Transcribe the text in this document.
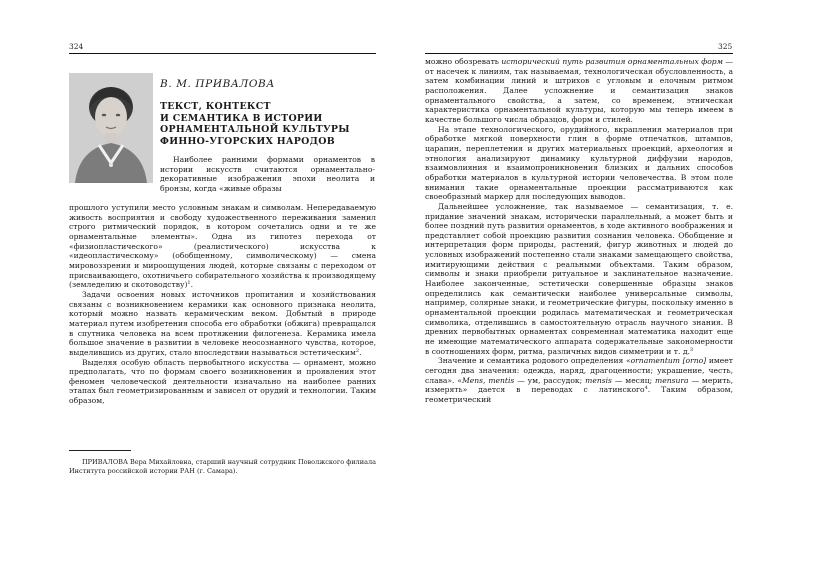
324
В. М. ПРИВАЛОВА
ТЕКСТ, КОНТЕКСТ
И СЕМАНТИКА В ИСТОРИИ
ОРНАМЕНТАЛЬНОЙ КУЛЬТУРЫ
ФИННО-УГОРСКИХ НАРОДОВ

Наиболее ранними формами орнаментов в истории искусств считаются орнаментально-декоративные изображения эпохи неолита и бронзы, когда «живые образы

прошлого уступили место условным знакам и символам. Непередаваемую живость восприятия и свободу художественного переживания заменил строго ритмический порядок, в котором сочетались одни и те же орнаментальные элементы». Одна из гипотез перехода от «физиопластического» (реалистического) искусства к «идеопластическому» (обобщенному, символическому) — смена мировоззрения и мироощущения людей, которые связаны с переходом от присваивающего, охотничьего собирательного хозяйства к производящему (земледелию и скотоводству)$^1$.

Задачи освоения новых источников пропитания и хозяйствования связаны с возникновением керамики как основного признака неолита, который можно назвать керамическим веком. Добытый в природе материал путем изобретения способа его обработки (обжига) превращался в спутника человека на всем протяжении филогенеза. Керамика имела большое значение в развитии в человеке неосознанного чувства, которое, выделившись из других, стало впоследствии называться эстетическим$^2$.

Выделяя особую область первобытного искусства — орнамент, можно предполагать, что по формам своего возникновения и проявления этот феномен человеческой деятельности изначально на наиболее ранних этапах был геометризированным и зависел от орудий и технологии. Таким образом,

ПРИВАЛОВА Вера Михайловна, старший научный сотрудник Поволжского филиала Института российской истории РАН (г. Самара).
325

можно обозревать исторический путь развития орнаментальных форм — от насечек к линиям, так называемая, технологическая обусловленность, а затем комбинации линий и штрихов с угловым и елочным ритмом расположения. Далее усложнение и семантизация знаков орнаментального свойства, а затем, со временем, этническая характеристика орнаментальной культуры, которую мы теперь имеем в качестве большого числа образцов, форм и стилей.

На этапе технологического, орудийного, вкрапления материалов при обработке мягкой поверхности глин в форме отпечатков, штампов, царапин, переплетения и других материальных проекций, археология и этнология анализируют динамику культурной диффузии народов, взаимовлияния и взаимопроникновения близких и дальних способов обработки материалов в культурной истории человечества. В этом поле внимания такие орнаментальные проекции рассматриваются как своеобразный маркер для последующих выводов.

Дальнейшее усложнение, так называемое — семантизация, т. е. придание значений знакам, исторически параллельный, а может быть и более поздний путь развития орнаментов, в ходе активного воображения и представляет собой проекцию развития сознания человека. Обобщение и интерпретация форм природы, растений, фигур животных и людей до условных изображений постепенно стали знаками замещающего свойства, имитирующими действия с реальными объектами. Таким образом, символы и знаки приобрели ритуальное и заклинательное назначение. Наиболее законченные, эстетически совершенные образцы знаков определились как семантически наиболее универсальные символы, например, солярные знаки, и геометрические фигуры, поскольку именно в орнаментальной проекции родилась математическая и геометрическая символика, отделившись в самостоятельную отрасль научного знания. В древних первобытных орнаментах современная математика находит еще не имеющие математического аппарата содержательные закономерности в соотношениях форм, ритма, различных видов симметрии и т. д.$^3$

Значение и семантика родового определения «ornamentum [orno] имеет сегодня два значения: одежда, наряд, драгоценности; украшение, честь, слава». «Mens, mentis — ум, рассудок; mensis — месяц; mensura — мерить, измерять» дается в переводах с латинского$^4$. Таким образом, геометрический
